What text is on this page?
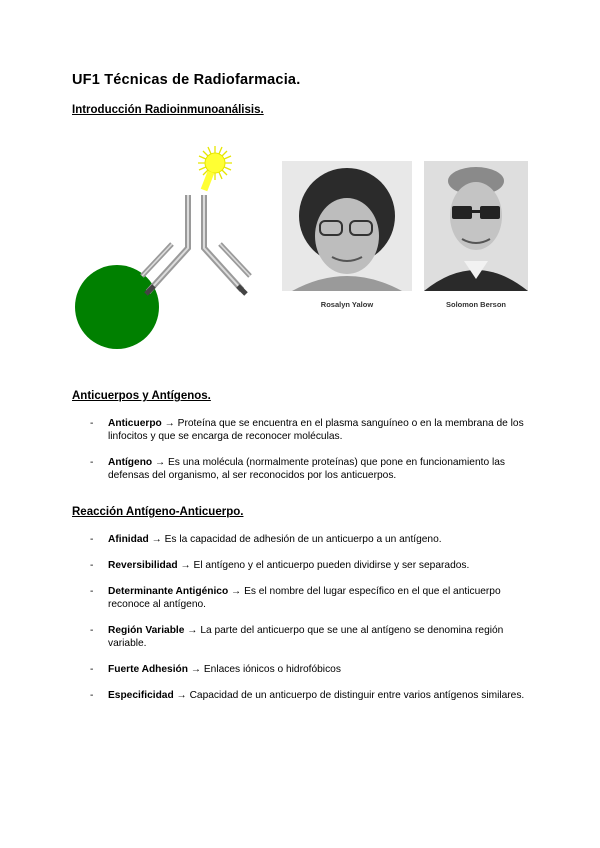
UF1 Técnicas de Radiofarmacia.
Introducción Radioinmunoanálisis.
Rosalyn Yalow	Solomon Berson
Anticuerpos y Antígenos.
- Anticuerpo → Proteína que se encuentra en el plasma sanguíneo o en la membrana de los linfocitos y que se encarga de reconocer moléculas.
- Antígeno → Es una molécula (normalmente proteínas) que pone en funcionamiento las defensas del organismo, al ser reconocidos por los anticuerpos.
Reacción Antígeno-Anticuerpo.
- Afinidad → Es la capacidad de adhesión de un anticuerpo a un antígeno.
- Reversibilidad → El antígeno y el anticuerpo pueden dividirse y ser separados.
- Determinante Antigénico → Es el nombre del lugar específico en el que el anticuerpo reconoce al antígeno.
- Región Variable → La parte del anticuerpo que se une al antígeno se denomina región variable.
- Fuerte Adhesión → Enlaces iónicos o hidrofóbicos
- Especificidad → Capacidad de un anticuerpo de distinguir entre varios antígenos similares.
